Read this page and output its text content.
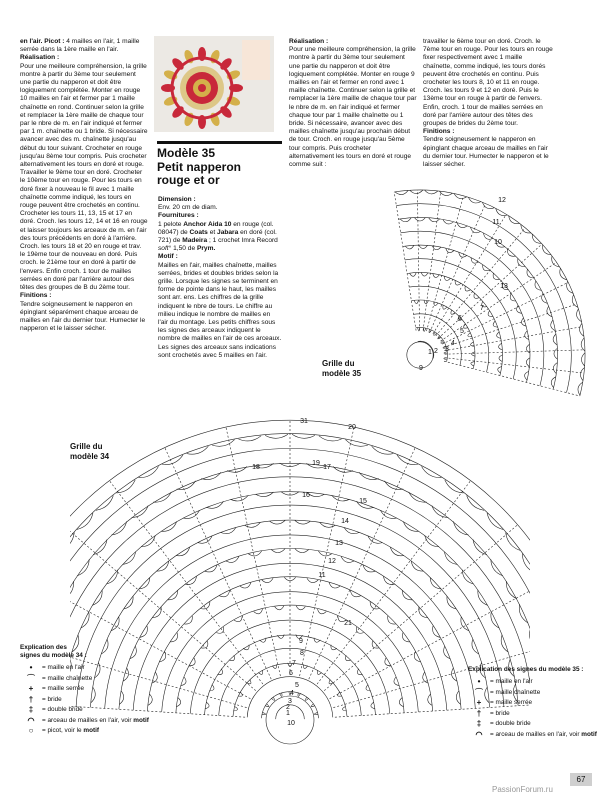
en l'air. Picot : 4 mailles en l'air, 1 maille serrée dans la 1ère maille en l'air.

Réalisation :

Pour une meilleure compréhension, la grille montre à partir du 3ème tour seulement une partie du napperon et doit être logiquement complétée. Monter en rouge 10 mailles en l'air et fermer par 1 maille chaînette en rond. Continuer selon la grille et remplacer la 1ère maille de chaque tour par le nbre de m. en l'air indiqué et fermer par 1 m. chaînette ou 1 bride. Si nécessaire avancer avec des m. chaînette jusqu'au début du tour suivant. Crocheter en rouge jusqu'au 8ème tour compris. Puis crocheter alternativement les tours en doré et rouge. Travailler le 9ème tour en doré. Crocheter le 10ème tour en rouge. Pour les tours en doré fixer à nouveau le fil avec 1 maille chaînette comme indiqué, les tours en rouge peuvent être crochetés en continu. Crocheter les tours 11, 13, 15 et 17 en doré. Croch. les tours 12, 14 et 16 en rouge et laisser toujours les arceaux de m. en l'air des tours précédents en doré à l'arrière. Croch. les tours 18 et 20 en rouge et trav. le 19ème tour de nouveau en doré. Puis croch. le 21ème tour en doré à partir de l'envers. Enfin croch. 1 tour de mailles serrées en doré par l'arrière autour des têtes des groupes de B du 2ème tour.

Finitions :

Tendre soigneusement le napperon en épinglant séparément chaque arceau de mailles en l'air du dernier tour. Humecter le napperon et le laisser sécher.

Modèle 35
Petit napperon
rouge et or

Dimension :

Env. 20 cm de diam.

Fournitures :

1 pelote Anchor Aida 10 en rouge (col. 08047) de Coats et Jabara en doré (col. 721) de Madeira ; 1 crochet Imra Record soft° 1,50 de Prym.

Motif :

Mailles en l'air, mailles chaînette, mailles serrées, brides et doubles brides selon la grille. Lorsque les signes se terminent en forme de pointe dans le haut, les mailles sont arr. ens. Les chiffres de la grille indiquent le nbre de tours. Le chiffre au milieu indique le nombre de mailles en l'air du montage. Les petits chiffres sous les signes des arceaux indiquent le nombre de mailles en l'air de ces arceaux. Les signes des arceaux sans indications sont crochetés avec 5 mailles en l'air.

Réalisation :

Pour une meilleure compréhension, la grille montre à partir du 3ème tour seulement une partie du napperon et doit être logiquement complétée. Monter en rouge 9 mailles en l'air et fermer en rond avec 1 maille chaînette. Continuer selon la grille et remplacer la 1ère maille de chaque tour par le nbre de m. en l'air indiqué et fermer chaque tour par 1 maille chaînette ou 1 bride. Si nécessaire, avancer avec des mailles chaînette jusqu'au prochain début de tour. Croch. en rouge jusqu'au 5ème tour compris. Puis crocheter alternativement les tours en doré et rouge comme suit :

travailler le 6ème tour en doré. Croch. le 7ème tour en rouge. Pour les tours en rouge fixer respectivement avec 1 maille chaînette, comme indiqué, les tours dorés peuvent être crochetés en continu. Puis crocheter les tours 8, 10 et 11 en rouge. Croch. les tours 9 et 12 en doré. Puis le 13ème tour en rouge à partir de l'envers. Enfin, croch. 1 tour de mailles serrées en doré par l'arrière autour des têtes des groupes de brides du 2ème tour.

Finitions :

Tendre soigneusement le napperon en épinglant chaque arceau de mailles en l'air du dernier tour. Humecter le napperon et le laisser sécher.

12
11
10
13
7
6
5
4
3
2
1
9
Grille du
modèle 35
31
20
19
18	17
16
15
14
13
12
11
21
9
8
7
6
5
4
3
2
1
10
Grille du
modèle 34
Explication des
signes du modèle 34 :
•	= maille en l'air
⌒	= maille chaînette
+	= maille serrée
†	= bride
‡	= double bride
◠	= arceau de mailles en l'air, voir motif
○	= picot, voir le motif
Explication des signes du modèle 35 :
•	= maille en l'air
⌒	= maille chaînette
+	= maille serrée
†	= bride
‡	= double bride
◠	= arceau de mailles en l'air, voir motif
67
PassionForum.ru
